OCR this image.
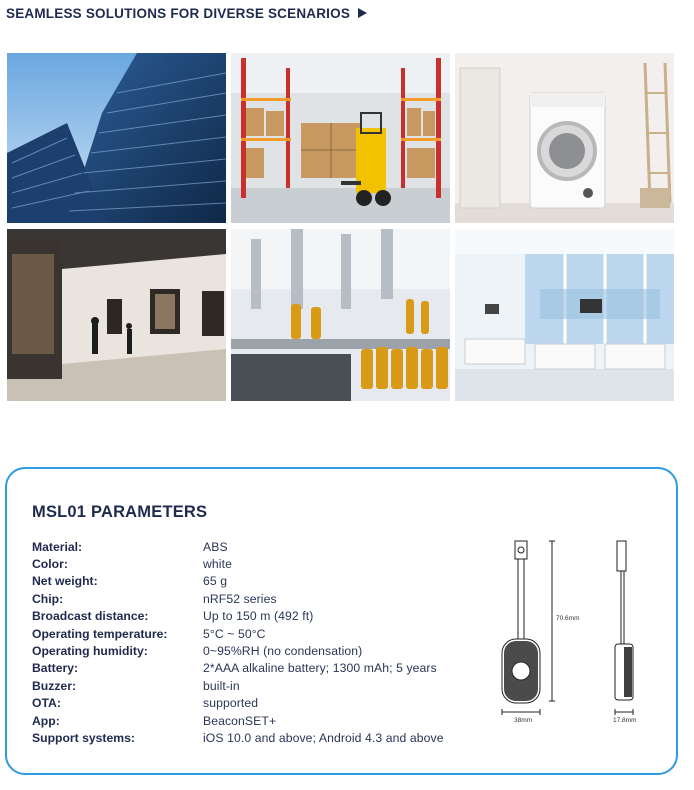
SEAMLESS SOLUTIONS FOR DIVERSE SCENARIOS
MSL01 PARAMETERS
Material:	ABS
Color:	white
Net weight:	65 g
Chip:	nRF52 series
Broadcast distance:	Up to 150 m (492 ft)
Operating temperature:	5°C ~ 50°C
Operating humidity:	0~95%RH (no condensation)
Battery:	2*AAA alkaline battery; 1300 mAh; 5 years
Buzzer:	built-in
OTA:	supported
App:	BeaconSET+
Support systems:	iOS 10.0 and above; Android 4.3 and above
70.6mm
38mm	17.8mm
